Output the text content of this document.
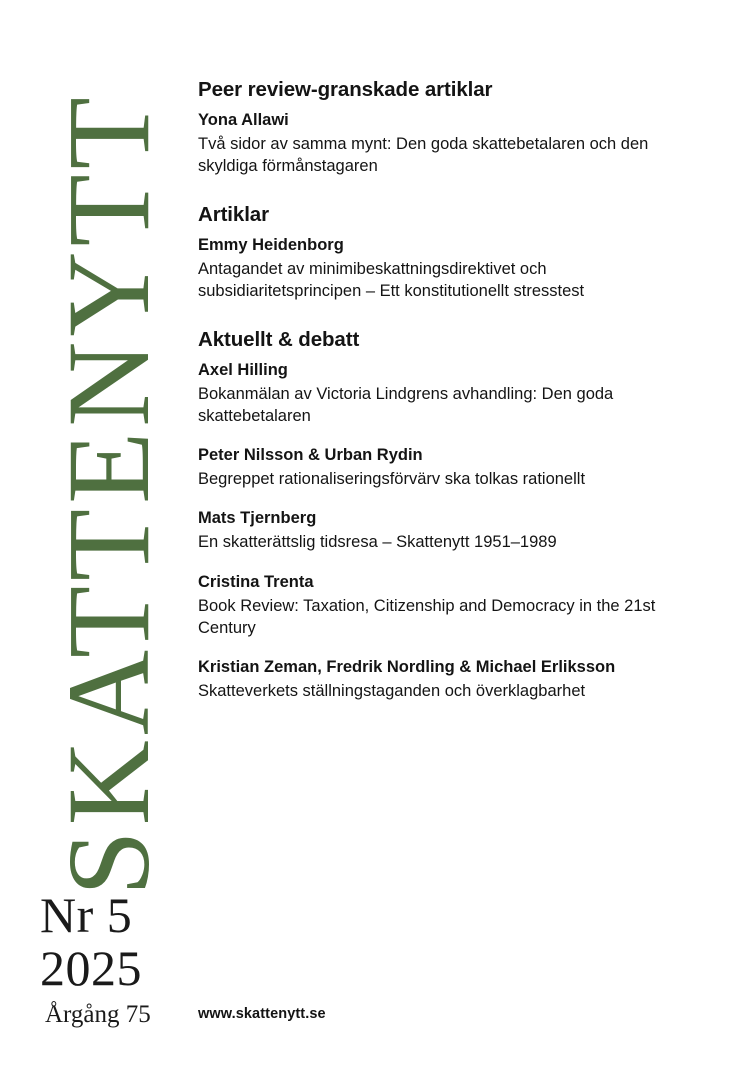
SKATTENYTT
Peer review-granskade artiklar

Yona Allawi

Två sidor av samma mynt: Den goda skattebetalaren och den skyldiga förmånstagaren

Artiklar

Emmy Heidenborg

Antagandet av minimibeskattningsdirektivet och subsidiaritetsprincipen – Ett konstitutionellt stresstest

Aktuellt & debatt

Axel Hilling

Bokanmälan av Victoria Lindgrens avhandling: Den goda skattebetalaren

Peter Nilsson & Urban Rydin

Begreppet rationaliseringsförvärv ska tolkas rationellt

Mats Tjernberg

En skatterättslig tidsresa – Skattenytt 1951–1989

Cristina Trenta

Book Review: Taxation, Citizenship and Democracy in the 21st Century

Kristian Zeman, Fredrik Nordling & Michael Erliksson

Skatteverkets ställningstaganden och överklagbarhet

Nr 5
2025
Årgång 75	www.skattenytt.se
